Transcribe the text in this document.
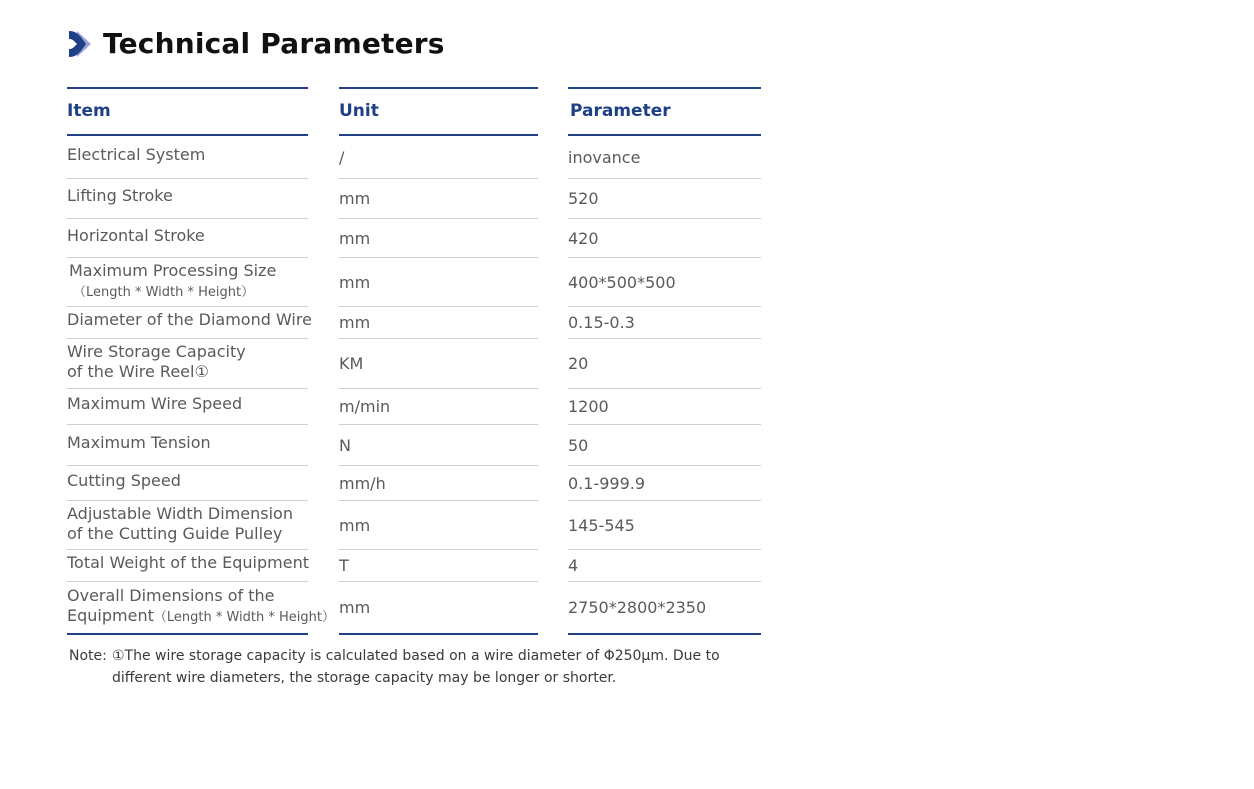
Technical Parameters
Item	Unit	Parameter
Electrical System	/	inovance
Lifting Stroke	mm	520
Horizontal Stroke	mm	420
Maximum Processing Size
（Length * Width * Height）
mm	400*500*500
Diameter of the Diamond Wire mm	0.15-0.3
Wire Storage Capacity
of the Wire Reel①	KM	20
Maximum Wire Speed	m/min	1200
Maximum Tension	N	50
Cutting Speed	mm/h	0.1-999.9
Adjustable Width Dimension
of the Cutting Guide Pulley	mm	145-545
Total Weight of the Equipment T	4
Overall Dimensions of the
Equipment（Length * Width * Height）
mm	2750*2800*2350
Note: ①The wire storage capacity is calculated based on a wire diameter of Φ250μm. Due to different wire diameters, the storage capacity may be longer or shorter.
